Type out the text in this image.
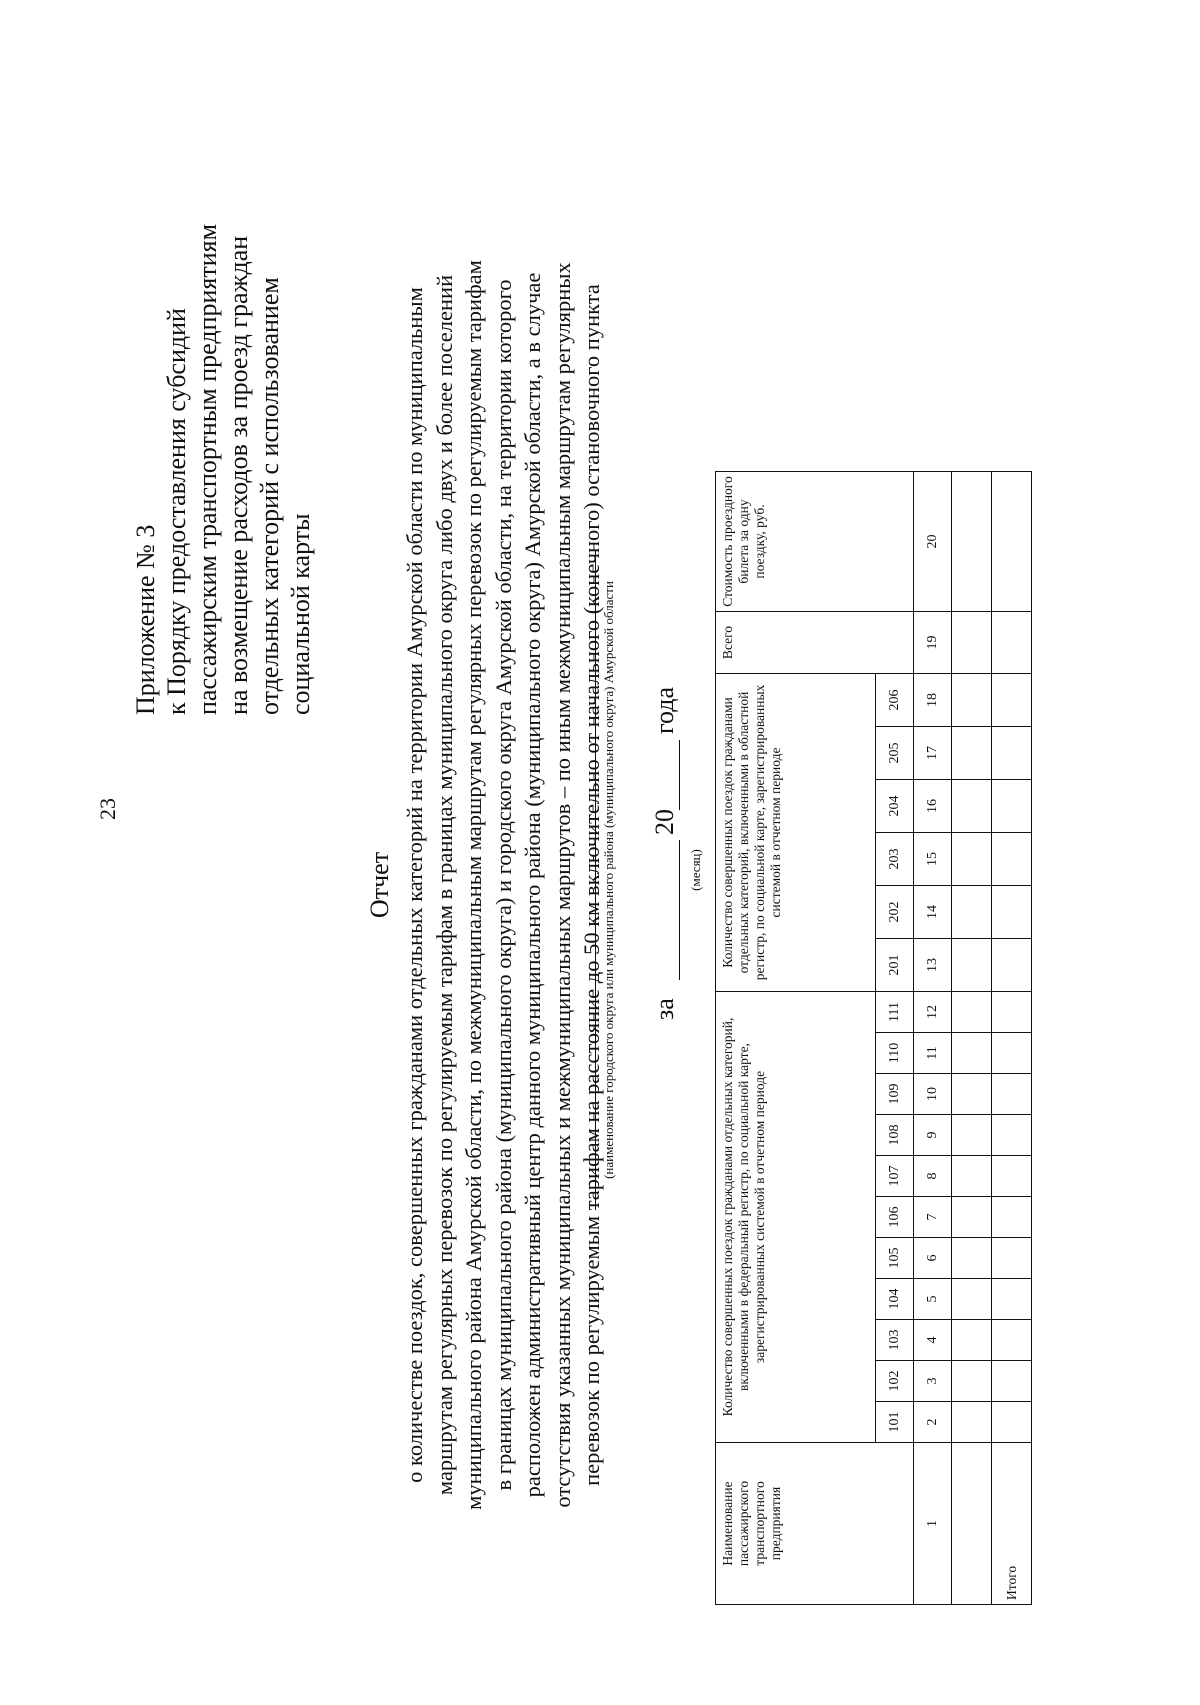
23
Приложение № 3 к Порядку предоставления субсидий пассажирским транспортным предприятиям на возмещение расходов за проезд граждан отдельных категорий с использованием социальной карты
Отчет о количестве поездок, совершенных гражданами отдельных категорий на территории Амурской области по муниципальным маршрутам регулярных перевозок по регулируемым тарифам в границах муниципального округа либо двух и более поселений муниципального района Амурской области, по межмуниципальным маршрутам регулярных перевозок по регулируемым тарифам в границах муниципального района (муниципального округа) и городского округа Амурской области, на территории которого расположен административный центр данного муниципального района (муниципального округа) Амурской области, а в случае отсутствия указанных муниципальных и межмуниципальных маршрутов – по иным межмуниципальным маршрутам регулярных перевозок по регулируемым тарифам на расстояние до 50 км включительно от начального (конечного) остановочного пункта
(наименование городского округа или муниципального района (муниципального округа) Амурской области за
20
года
(месяц)
Наименование пассажирского транспортного предприятия	Количество совершенных поездок гражданами отдельных категорий, включенными в федеральный регистр, по социальной карте, зарегистрированных системой в отчетном периоде											Количество совершенных поездок гражданами отдельных категорий, включенными в областной регистр, по социальной карте, зарегистрированных системой в отчетном периоде						Всего	Стоимость проездного билета за одну поездку, руб.
	101	102	103	104	105	106	107	108	109	110	111	201	202	203	204	205	206		
1	2	3	4	5	6	7	8	9	10	11	12	13	14	15	16	17	18	19	20

Итого																			
